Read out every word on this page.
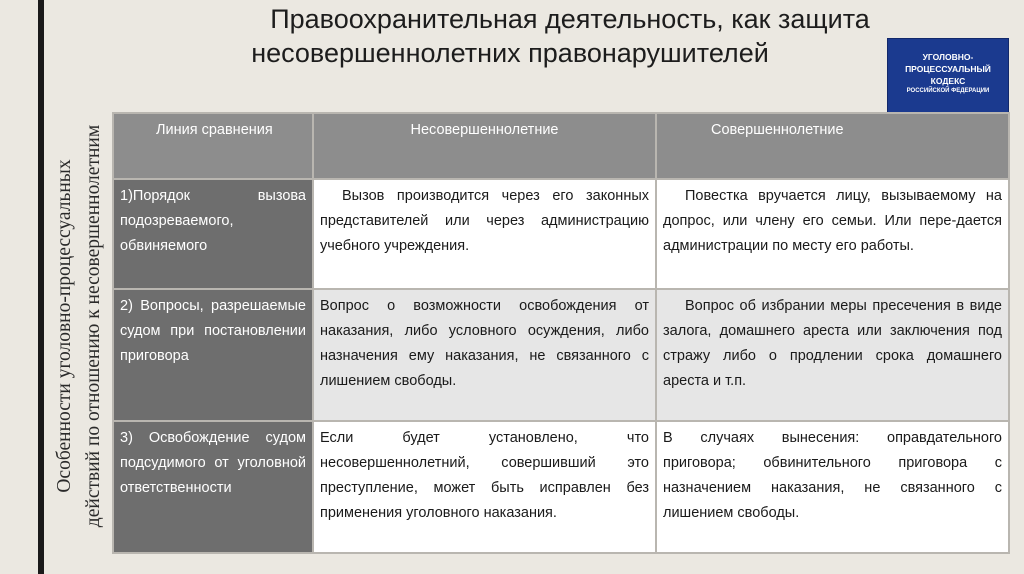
Особенности уголовно-процессуальных действий по отношению к несовершеннолетним
Правоохранительная деятельность, как защита
несовершеннолетних правонарушителей	УГОЛОВНО-
ПРОЦЕССУАЛЬНЫЙ
КОДЕКС
РОССИЙСКОЙ ФЕДЕРАЦИИ
Линия сравнения	Несовершеннолетние	Совершеннолетние
1)Порядок вызова подозреваемого, обвиняемого	Вызов производится через его законных представителей или через администрацию учебного учреждения.	Повестка вручается лицу, вызываемому на допрос, или члену его семьи. Или пере-дается администрации по месту его работы.
2) Вопросы, разрешаемые судом при постановлении приговора	Вопрос о возможности освобождения от наказания, либо условного осуждения, либо назначения ему наказания, не связанного с лишением свободы.	Вопрос об избрании меры пресечения в виде залога, домашнего ареста или заключения под стражу либо о продлении срока домашнего ареста и т.п.
3) Освобождение судом подсудимого от уголовной ответственности	Если будет установлено, что несовершеннолетний, совершивший это преступление, может быть исправлен без применения уголовного наказания.	В случаях вынесения: оправдательного приговора; обвинительного приговора с назначением наказания, не связанного с лишением свободы.
